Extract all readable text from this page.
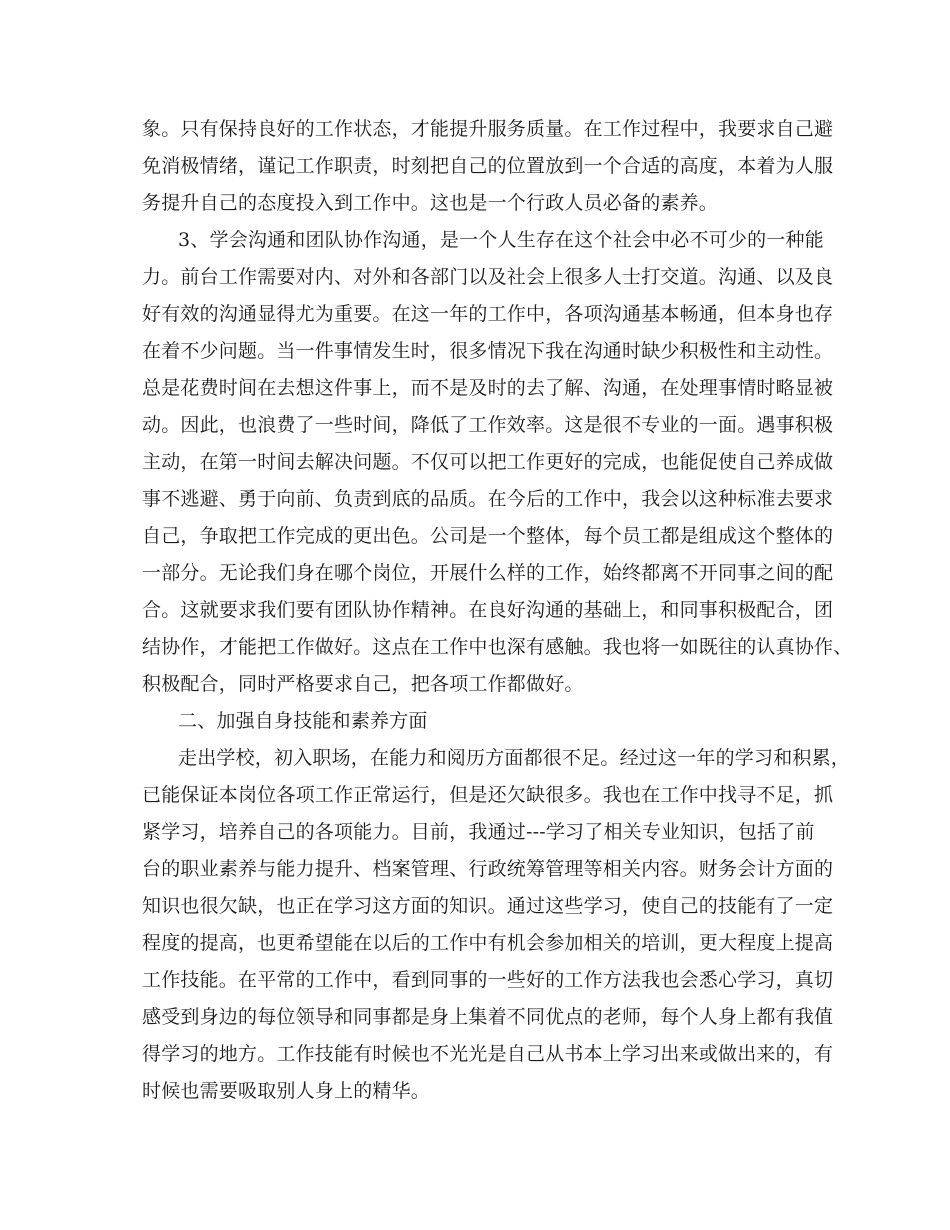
象。只有保持良好的工作状态，才能提升服务质量。在工作过程中，我要求自己避
免消极情绪，谨记工作职责，时刻把自己的位置放到一个合适的高度，本着为人服
务提升自己的态度投入到工作中。这也是一个行政人员必备的素养。
3、学会沟通和团队协作沟通，是一个人生存在这个社会中必不可少的一种能
力。前台工作需要对内、对外和各部门以及社会上很多人士打交道。沟通、以及良
好有效的沟通显得尤为重要。在这一年的工作中，各项沟通基本畅通，但本身也存
在着不少问题。当一件事情发生时，很多情况下我在沟通时缺少积极性和主动性。
总是花费时间在去想这件事上，而不是及时的去了解、沟通，在处理事情时略显被
动。因此，也浪费了一些时间，降低了工作效率。这是很不专业的一面。遇事积极
主动，在第一时间去解决问题。不仅可以把工作更好的完成，也能促使自己养成做
事不逃避、勇于向前、负责到底的品质。在今后的工作中，我会以这种标准去要求
自己，争取把工作完成的更出色。公司是一个整体，每个员工都是组成这个整体的
一部分。无论我们身在哪个岗位，开展什么样的工作，始终都离不开同事之间的配
合。这就要求我们要有团队协作精神。在良好沟通的基础上，和同事积极配合，团
结协作，才能把工作做好。这点在工作中也深有感触。我也将一如既往的认真协作、
积极配合，同时严格要求自己，把各项工作都做好。
二、加强自身技能和素养方面
走出学校，初入职场，在能力和阅历方面都很不足。经过这一年的学习和积累，
已能保证本岗位各项工作正常运行，但是还欠缺很多。我也在工作中找寻不足，抓
紧学习，培养自己的各项能力。目前，我通过---学习了相关专业知识，包括了前
台的职业素养与能力提升、档案管理、行政统筹管理等相关内容。财务会计方面的
知识也很欠缺，也正在学习这方面的知识。通过这些学习，使自己的技能有了一定
程度的提高，也更希望能在以后的工作中有机会参加相关的培训，更大程度上提高
工作技能。在平常的工作中，看到同事的一些好的工作方法我也会悉心学习，真切
感受到身边的每位领导和同事都是身上集着不同优点的老师，每个人身上都有我值
得学习的地方。工作技能有时候也不光光是自己从书本上学习出来或做出来的，有
时候也需要吸取别人身上的精华。
